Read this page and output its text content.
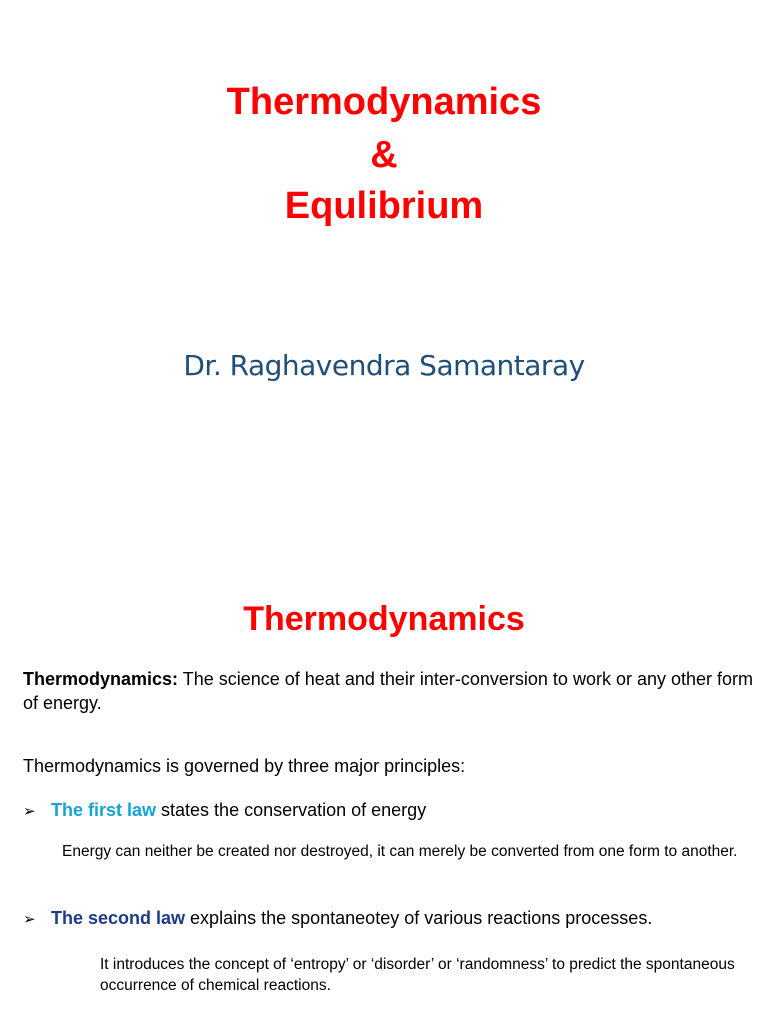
Thermodynamics
&
Equlibrium
Dr. Raghavendra Samantaray
Thermodynamics
Thermodynamics: The science of heat and their inter-conversion to work or any other form of energy.
Thermodynamics is governed by three major principles:
➢ The first law states the conservation of energy
Energy can neither be created nor destroyed, it can merely be converted from one form to another.
➢ The second law explains the spontaneotey of various reactions processes.
It introduces the concept of ‘entropy’ or ‘disorder’ or ‘randomness’ to predict the spontaneous occurrence of chemical reactions.
